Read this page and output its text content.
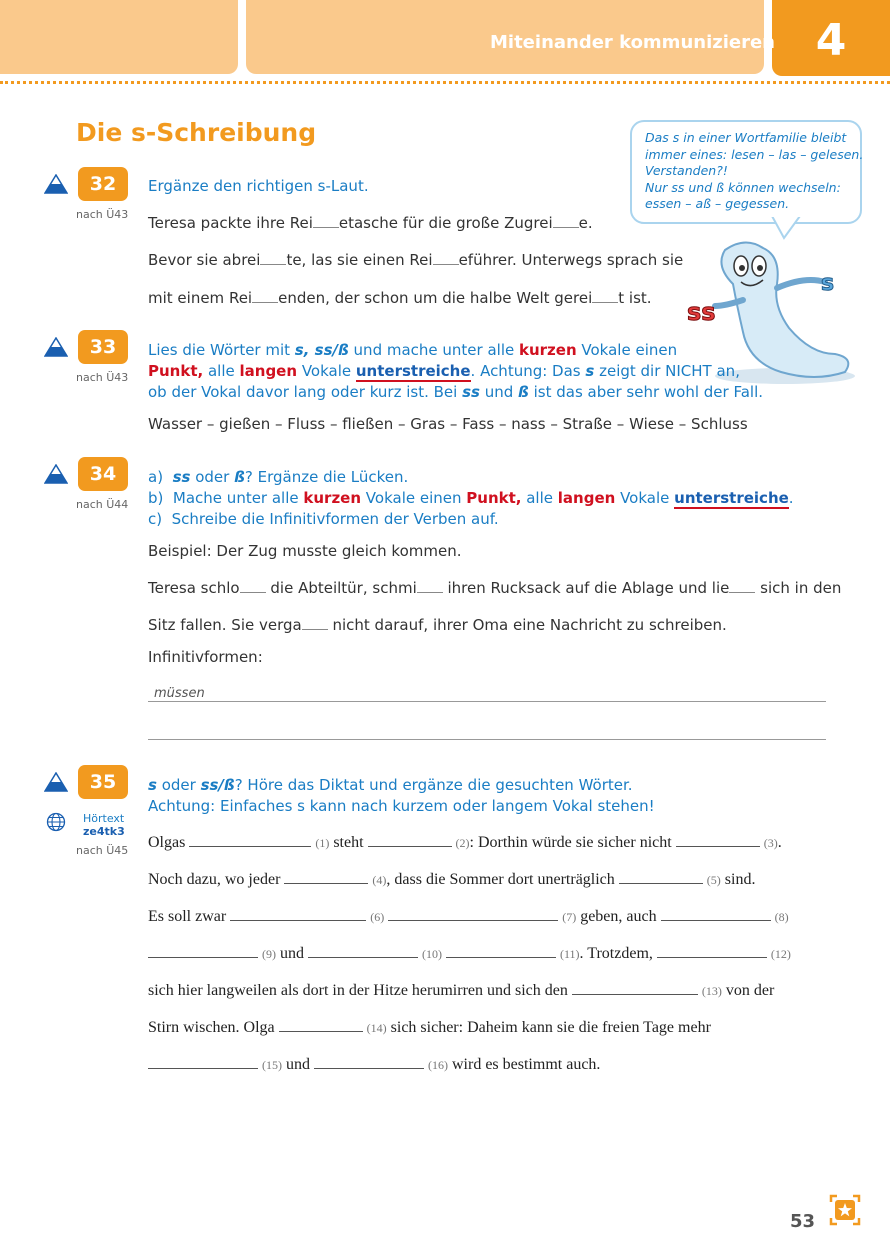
Miteinander kommunizieren 4
Die s-Schreibung	Das s in einer Wortfamilie bleibt
immer eines: lesen – las – gelesen.
Verstanden?!
Nur ss und ß können wechseln:
essen – aß – gegessen.
s
ss
32
nach Ü43
Ergänze den richtigen s-Laut.
Teresa packte ihre Rei etasche für die große Zugrei e.
Bevor sie abrei te, las sie einen Rei eführer. Unterwegs sprach sie
mit einem Rei enden, der schon um die halbe Welt gerei t ist.
33
nach Ü43
Lies die Wörter mit s, ss/ß und mache unter alle kurzen Vokale einen
Punkt, alle langen Vokale unterstreiche. Achtung: Das s zeigt dir NICHT an,
ob der Vokal davor lang oder kurz ist. Bei ss und ß ist das aber sehr wohl der Fall.
Wasser – gießen – Fluss – fließen – Gras – Fass – nass – Straße – Wiese – Schluss
34
nach Ü44
a) ss oder ß? Ergänze die Lücken.
b) Mache unter alle kurzen Vokale einen Punkt, alle langen Vokale unterstreiche.
c) Schreibe die Infinitivformen der Verben auf.
Beispiel: Der Zug musste gleich kommen.
Teresa schlo die Abteiltür, schmi ihren Rucksack auf die Ablage und lie sich in den
Sitz fallen. Sie verga nicht darauf, ihrer Oma eine Nachricht zu schreiben.
Infinitivformen:
müssen
35
Hörtext
ze4tk3
nach Ü45
s oder ss/ß? Höre das Diktat und ergänze die gesuchten Wörter.
Achtung: Einfaches s kann nach kurzem oder langem Vokal stehen!
Olgas	(1) steht	(2): Dorthin würde sie sicher nicht	(3).
Noch dazu, wo jeder	(4), dass die Sommer dort unerträglich	(5) sind.
Es soll zwar	(6)	(7) geben, auch	(8)
(9) und	(10)	(11). Trotzdem,	(12)
sich hier langweilen als dort in der Hitze herumirren und sich den	(13) von der
Stirn wischen. Olga	(14) sich sicher: Daheim kann sie die freien Tage mehr
(15) und	(16) wird es bestimmt auch.
53
